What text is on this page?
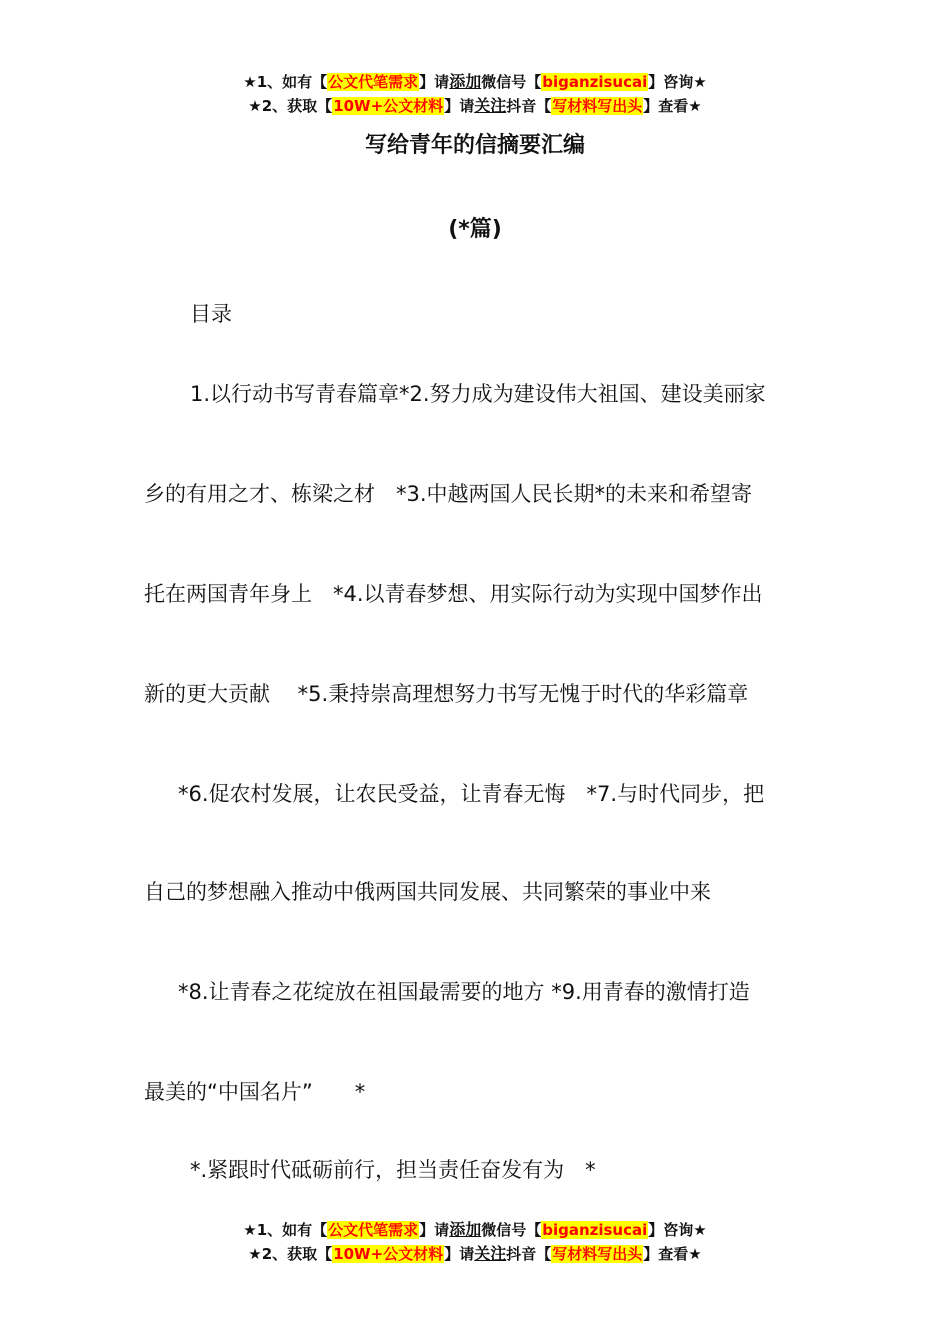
★1、如有【公文代笔需求】请添加微信号【biganzisucai】咨询★
★2、获取【10W+公文材料】请关注抖音【写材料写出头】查看★
写给青年的信摘要汇编
(*篇)
目录
1.以行动书写青春篇章*2.努力成为建设伟大祖国、建设美丽家
乡的有用之才、栋梁之材　*3.中越两国人民长期*的未来和希望寄
托在两国青年身上　*4.以青春梦想、用实际行动为实现中国梦作出
新的更大贡献　 *5.秉持崇高理想努力书写无愧于时代的华彩篇章
*6.促农村发展，让农民受益，让青春无悔　*7.与时代同步，把
自己的梦想融入推动中俄两国共同发展、共同繁荣的事业中来
*8.让青春之花绽放在祖国最需要的地方 *9.用青春的激情打造
最美的“中国名片”　　*
*.紧跟时代砥砺前行，担当责任奋发有为　*
★1、如有【公文代笔需求】请添加微信号【biganzisucai】咨询★
★2、获取【10W+公文材料】请关注抖音【写材料写出头】查看★
